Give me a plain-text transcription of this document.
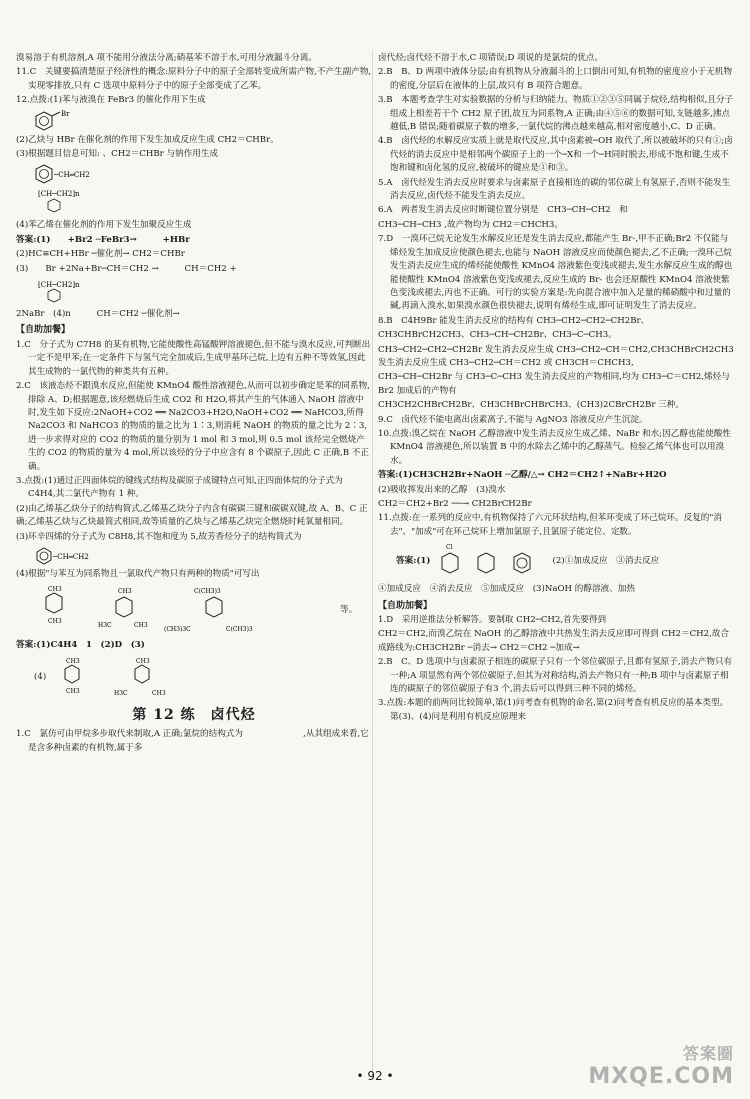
溴易溶于有机溶剂,A 项不能用分液法分离;硝基苯不溶于水,可用分液漏斗分离。

11.C　关键要搞清楚原子经济性的概念:原料分子中的原子全部转变成所需产物,不产生副产物,实现零排放,只有 C 选项中原料分子中的原子全部变成了乙苯。

12.点拨:(1)苯与液溴在 FeBr3 的催化作用下生成

Br

(2)乙炔与 HBr 在催化剂的作用下发生加成反应生成 CH2＝CHBr。

(3)根据题目信息可知: 、CH2＝CHBr 与钠作用生成

─CH═CH2
[CH─CH2]n

(4)苯乙烯在催化剂的作用下发生加聚反应生成

答案:(1)　　+Br2 ─FeBr3→　　　+HBr

(2)HC≡CH+HBr ─催化剂→ CH2＝CHBr

(3)　　Br +2Na+Br─CH＝CH2 →　　　CH＝CH2 +

[CH─CH2]n

2NaBr　(4)n　　　CH＝CH2 ─催化剂→

【自助加餐】

1.C　分子式为 C7H8 的某有机物,它能使酸性高锰酸钾溶液褪色,但不能与溴水反应,可判断出一定不是甲苯;在一定条件下与氢气完全加成后,生成甲基环己烷,上边有五种不等效氢,因此其生成物的一氯代物的种类共有五种。

2.C　该液态烃不跟溴水反应,但能使 KMnO4 酸性溶液褪色,从而可以初步确定是苯的同系物,排除 A、D;根据题意,该烃燃烧后生成 CO2 和 H2O,将其产生的气体通入 NaOH 溶液中时,发生如下反应:2NaOH+CO2 ══ Na2CO3+H2O,NaOH+CO2 ══ NaHCO3,所得 Na2CO3 和 NaHCO3 的物质的量之比为 1∶3,则消耗 NaOH 的物质的量之比为 2∶3,进一步求得对应的 CO2 的物质的量分别为 1 mol 和 3 mol,则 0.5 mol 该烃完全燃烧产生的 CO2 的物质的量为 4 mol,所以该烃的分子中应含有 8 个碳原子,因此 C 正确,B 不正确。

3.点拨:(1)通过正四面体烷的键线式结构及碳原子成键特点可知,正四面体烷的分子式为 C4H4,其二氯代产物有 1 种。

(2)由乙烯基乙炔分子的结构简式,乙烯基乙炔分子内含有碳碳三键和碳碳双键,故 A、B、C 正确;乙烯基乙炔与乙炔最简式相同,故等质量的乙炔与乙烯基乙炔完全燃烧时耗氧量相同。

(3)环辛四烯的分子式为 C8H8,其不饱和度为 5,故芳香烃分子的结构简式为

─CH═CH2

(4)根据"与苯互为同系物且一氯取代产物只有两种的物质"可写出

CH3
CH3
CH3
H3C	CH3
C(CH3)3
(CH3)3C	C(CH3)3
等。

答案:(1)C4H4　1　(2)D　(3)

(4)
CH3
CH3
CH3
H3C	CH3
第 12 练　卤代烃

1.C　氯仿可由甲烷多步取代来制取,A 正确;氯烷的结构式为　　　　　　　,从其组成来看,它是含多种卤素的有机物,属于多

卤代烃;卤代烃不溶于水,C 项错误;D 项说的是氯烷的优点。

2.B　B、D 两项中液体分层;由有机物从分液漏斗的上口倒出可知,有机物的密度应小于无机物的密度,分层后在液体的上层,故只有 B 项符合题意。

3.B　本题考查学生对实验数据的分析与归纳能力。物质①②③⑤同属于烷烃,结构相似,且分子组成上相差若干个 CH2 原子团,故互为同系物,A 正确;由④⑤⑥的数据可知,支链越多,沸点越低,B 错误;随着碳原子数的增多,一氯代烷的沸点越来越高,相对密度越小,C、D 正确。

4.B　卤代烃的水解反应实质上就是取代反应,其中卤素被─OH 取代了,所以被破坏的只有①;卤代烃的消去反应中是相邻两个碳原子上的一个─X和一个─H同时脱去,形成不饱和键,生成不饱和键和卤化氢的反应,被破坏的键应是①和③。

5.A　卤代烃发生消去反应时要求与卤素原子直接相连的碳的邻位碳上有氢原子,否则不能发生消去反应,卤代烃不能发生消去反应。

6.A　两者发生消去反应时断键位置分别是　CH3─CH─CH2　和

CH3─CH─CH3 ,故产物均为 CH2＝CHCH3。

7.D　一溴环己烷无论发生水解反应还是发生消去反应,都能产生 Br-,甲不正确;Br2 不仅能与烯烃发生加成反应使颜色褪去,也能与 NaOH 溶液反应而使颜色褪去,乙不正确;一溴环己烷发生消去反应生成的烯烃能使酸性 KMnO4 溶液紫色变浅或褪去,发生水解反应生成的醇也能使酸性 KMnO4 溶液紫色变浅或褪去,反应生成的 Br- 也会还原酸性 KMnO4 溶液使紫色变浅或褪去,丙也不正确。可行的实验方案是:先向混合液中加入足量的稀硝酸中和过量的碱,再滴入溴水,如果溴水颜色很快褪去,说明有烯烃生成,即可证明发生了消去反应。

8.B　C4H9Br 能发生消去反应的结构有 CH3─CH2─CH2─CH2Br、

CH3CHBrCH2CH3、CH3─CH─CH2Br、CH3─C─CH3。

CH3─CH2─CH2─CH2Br 发生消去反应生成 CH3─CH2─CH＝CH2,CH3CHBrCH2CH3 发生消去反应生成 CH3─CH2─CH＝CH2 或 CH3CH＝CHCH3,

CH3─CH─CH2Br 与 CH3─C─CH3 发生消去反应的产物相同,均为 CH3─C＝CH2,烯烃与 Br2 加成后的产物有

CH3CH2CHBrCH2Br、CH3CHBrCHBrCH3、(CH3)2CBrCH2Br 三种。

9.C　卤代烃不能电离出卤素离子,不能与 AgNO3 溶液反应产生沉淀。

10.点拨:溴乙烷在 NaOH 乙醇溶液中发生消去反应生成乙烯、NaBr 和水;因乙醇也能使酸性 KMnO4 溶液褪色,所以装置 B 中的水除去乙烯中的乙醇蒸气。检验乙烯气体也可以用溴水。

答案:(1)CH3CH2Br+NaOH ─乙醇/△→ CH2＝CH2↑+NaBr+H2O

(2)吸收挥发出来的乙醇　(3)溴水

CH2＝CH2+Br2 ──→ CH2BrCH2Br

11.点拨:在一系列的反应中,有机物保持了六元环状结构,但苯环变成了环己烷环。反复的"消去"、"加成"可在环己烷环上增加氯原子,且氯原子能定位、定数。

答案:(1)
Cl
(2)①加成反应　③消去反应

④加成反应　④消去反应　⑤加成反应　(3)NaOH 的醇溶液、加热

【自助加餐】

1.D　采用逆推法分析解答。要制取 CH2─CH2,首先要得到

CH2＝CH2,而溴乙烷在 NaOH 的乙醇溶液中共热发生消去反应即可得到 CH2＝CH2,故合成路线为:CH3CH2Br ─消去→ CH2＝CH2 ─加成→

2.B　C、D 选项中与卤素原子相连的碳原子只有一个邻位碳原子,且都有氢原子,消去产物只有一种;A 项显然有两个邻位碳原子,但其为对称结构,消去产物只有一种;B 项中与卤素原子相连的碳原子的邻位碳原子有3 个,消去后可以得到三种不同的烯烃。

3.点拨:本题的前两问比较简单,第(1)问考查有机物的命名,第(2)问考查有机反应的基本类型。第(3)、(4)问是利用有机反应原理来

• 92 •
答案圈
MXQE.COM
